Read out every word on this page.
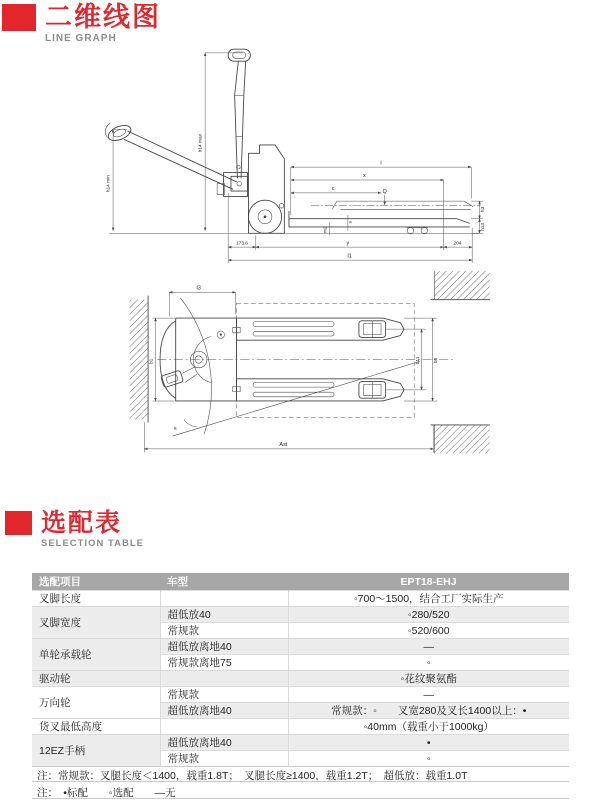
二维线图
LINE GRAPH
h14 max
h14 min
l
x
c	Q
h3
h13
s
m2
173.6	y	204
l1
a
l3
b1	b11	b5
Ast
选配表
SELECTION TABLE
选配项目	车型	EPT18-EHJ
叉脚长度		◦700～1500，结合工厂实际生产
叉脚宽度	超低放40	◦280/520
	常规款	◦520/600
单轮承载轮	超低放离地40	—
	常规款离地75	◦
驱动轮		◦花纹聚氨酯
万向轮	常规款	—
	超低放离地40	常规款：◦　　叉宽280及叉长1400以上：•
货叉最低高度		◦40mm（载重小于1000kg）
12EZ手柄	超低放离地40	•
	常规款	◦
注：常规款：叉腿长度＜1400，载重1.8T；　叉腿长度≥1400，载重1.2T；　超低放：载重1.0T
注：　•标配　　◦选配　　—无
